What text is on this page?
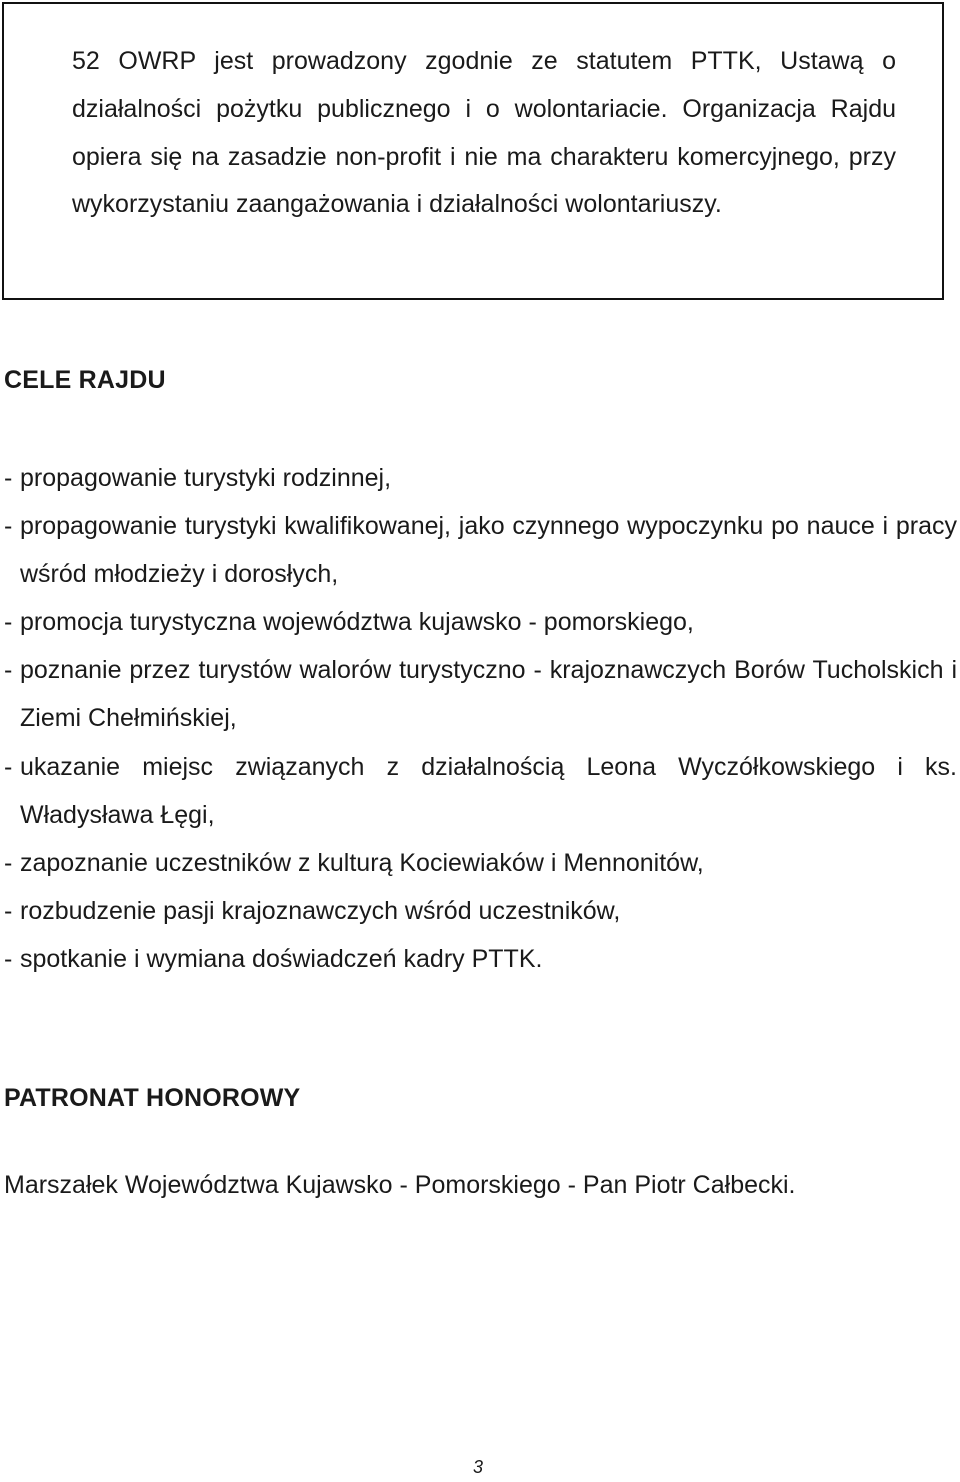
52 OWRP jest prowadzony zgodnie ze statutem PTTK, Ustawą o działalności pożytku publicznego i o wolontariacie. Organizacja Rajdu opiera się na zasadzie non-profit i nie ma charakteru komercyjnego, przy wykorzystaniu zaangażowania i działalności wolontariuszy.

CELE RAJDU
- propagowanie turystyki rodzinnej,
- propagowanie turystyki kwalifikowanej, jako czynnego wypoczynku po nauce i pracy wśród młodzieży i dorosłych,
- promocja turystyczna województwa kujawsko - pomorskiego,
- poznanie przez turystów walorów turystyczno - krajoznawczych Borów Tucholskich i Ziemi Chełmińskiej,
- ukazanie miejsc związanych z działalnością Leona Wyczółkowskiego i ks. Władysława Łęgi,
- zapoznanie uczestników z kulturą Kociewiaków i Mennonitów,
- rozbudzenie pasji krajoznawczych wśród uczestników,
- spotkanie i wymiana doświadczeń kadry PTTK.
PATRONAT HONOROWY

Marszałek Województwa Kujawsko - Pomorskiego - Pan Piotr Całbecki.

3
